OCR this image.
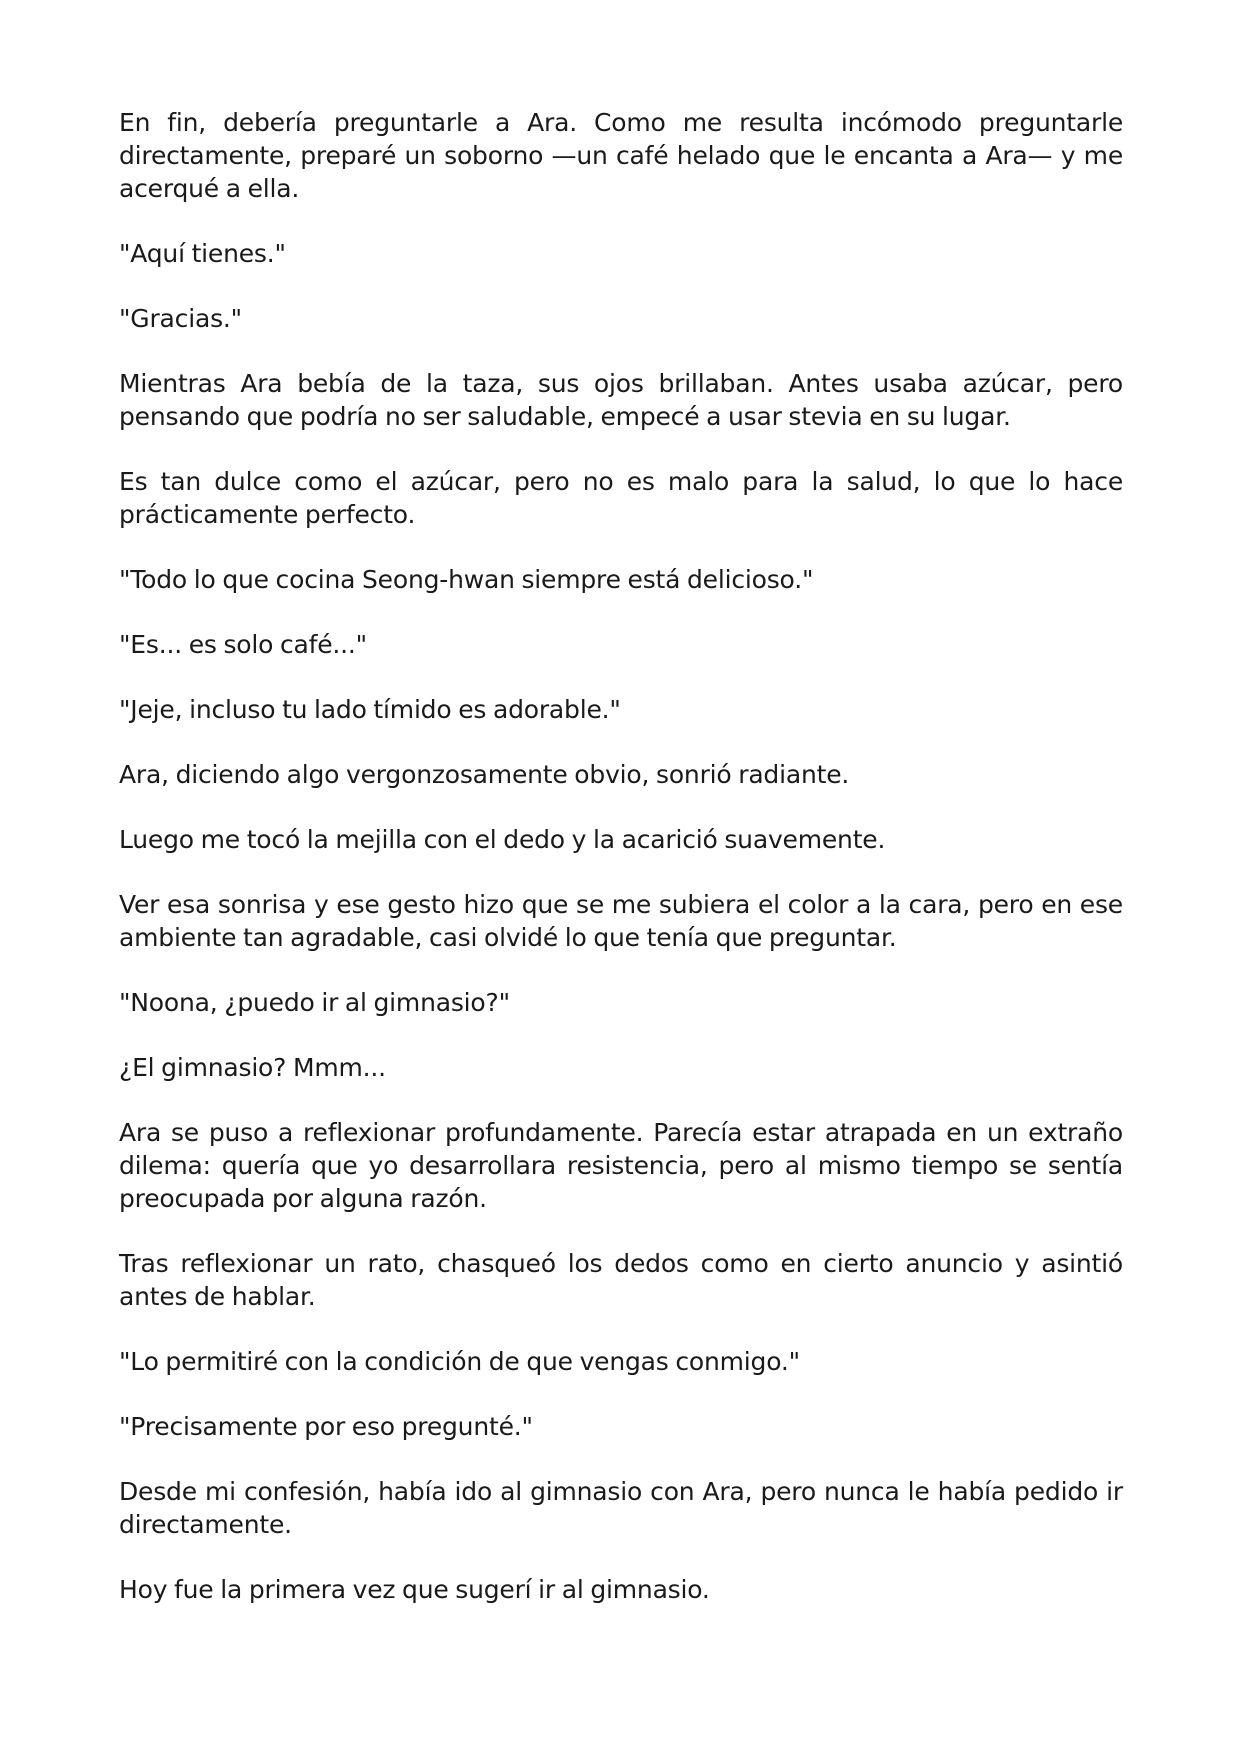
En fin, debería preguntarle a Ara. Como me resulta incómodo preguntarle directamente, preparé un soborno —un café helado que le encanta a Ara— y me acerqué a ella.

"Aquí tienes."

"Gracias."

Mientras Ara bebía de la taza, sus ojos brillaban. Antes usaba azúcar, pero pensando que podría no ser saludable, empecé a usar stevia en su lugar.

Es tan dulce como el azúcar, pero no es malo para la salud, lo que lo hace prácticamente perfecto.

"Todo lo que cocina Seong-hwan siempre está delicioso."

"Es... es solo café..."

"Jeje, incluso tu lado tímido es adorable."

Ara, diciendo algo vergonzosamente obvio, sonrió radiante.

Luego me tocó la mejilla con el dedo y la acarició suavemente.

Ver esa sonrisa y ese gesto hizo que se me subiera el color a la cara, pero en ese ambiente tan agradable, casi olvidé lo que tenía que preguntar.

"Noona, ¿puedo ir al gimnasio?"

¿El gimnasio? Mmm...

Ara se puso a reflexionar profundamente. Parecía estar atrapada en un extraño dilema: quería que yo desarrollara resistencia, pero al mismo tiempo se sentía preocupada por alguna razón.

Tras reflexionar un rato, chasqueó los dedos como en cierto anuncio y asintió antes de hablar.

"Lo permitiré con la condición de que vengas conmigo."

"Precisamente por eso pregunté."

Desde mi confesión, había ido al gimnasio con Ara, pero nunca le había pedido ir directamente.

Hoy fue la primera vez que sugerí ir al gimnasio.
